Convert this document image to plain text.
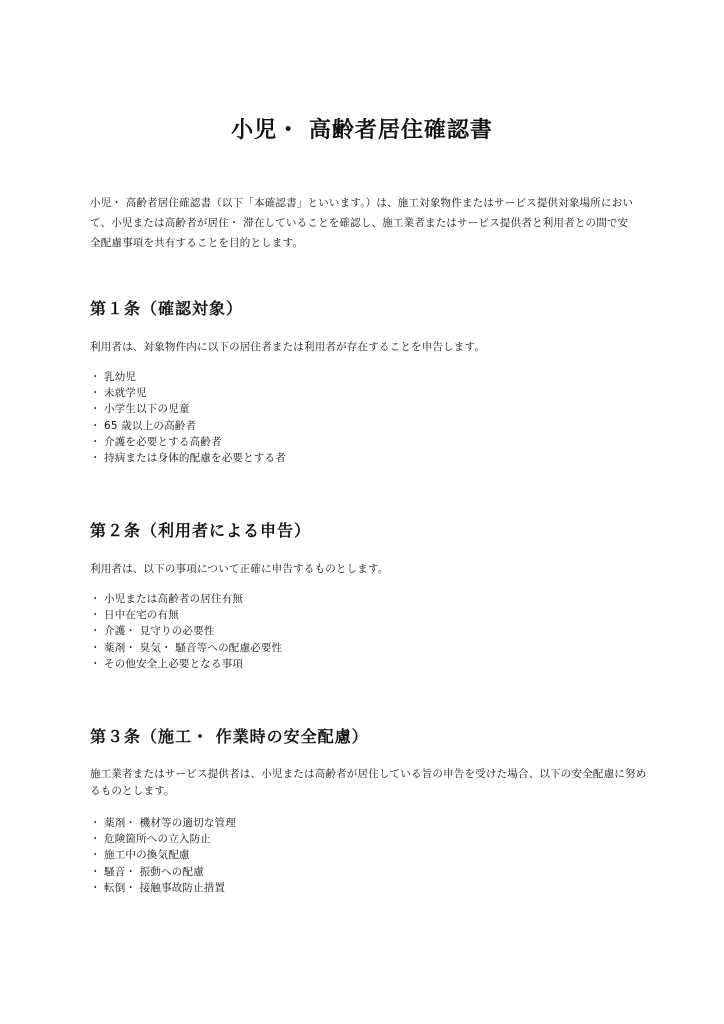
小児・ 高齢者居住確認書

小児・ 高齢者居住確認書（以下「本確認書」といいます。）は、施工対象物件またはサービス提供対象場所において、小児または高齢者が居住・ 滞在していることを確認し、施工業者またはサービス提供者と利用者との間で安全配慮事項を共有することを目的とします。

第１条（確認対象）

利用者は、対象物件内に以下の居住者または利用者が存在することを申告します。

・ 乳幼児
・ 未就学児
・ 小学生以下の児童
・ 65 歳以上の高齢者
・ 介護を必要とする高齢者
・ 持病または身体的配慮を必要とする者
第２条（利用者による申告）

利用者は、以下の事項について正確に申告するものとします。

・ 小児または高齢者の居住有無
・ 日中在宅の有無
・ 介護・ 見守りの必要性
・ 薬剤・ 臭気・ 騒音等への配慮必要性
・ その他安全上必要となる事項
第３条（施工・ 作業時の安全配慮）

施工業者またはサービス提供者は、小児または高齢者が居住している旨の申告を受けた場合、以下の安全配慮に努めるものとします。

・ 薬剤・ 機材等の適切な管理
・ 危険箇所への立入防止
・ 施工中の換気配慮
・ 騒音・ 振動への配慮
・ 転倒・ 接触事故防止措置
